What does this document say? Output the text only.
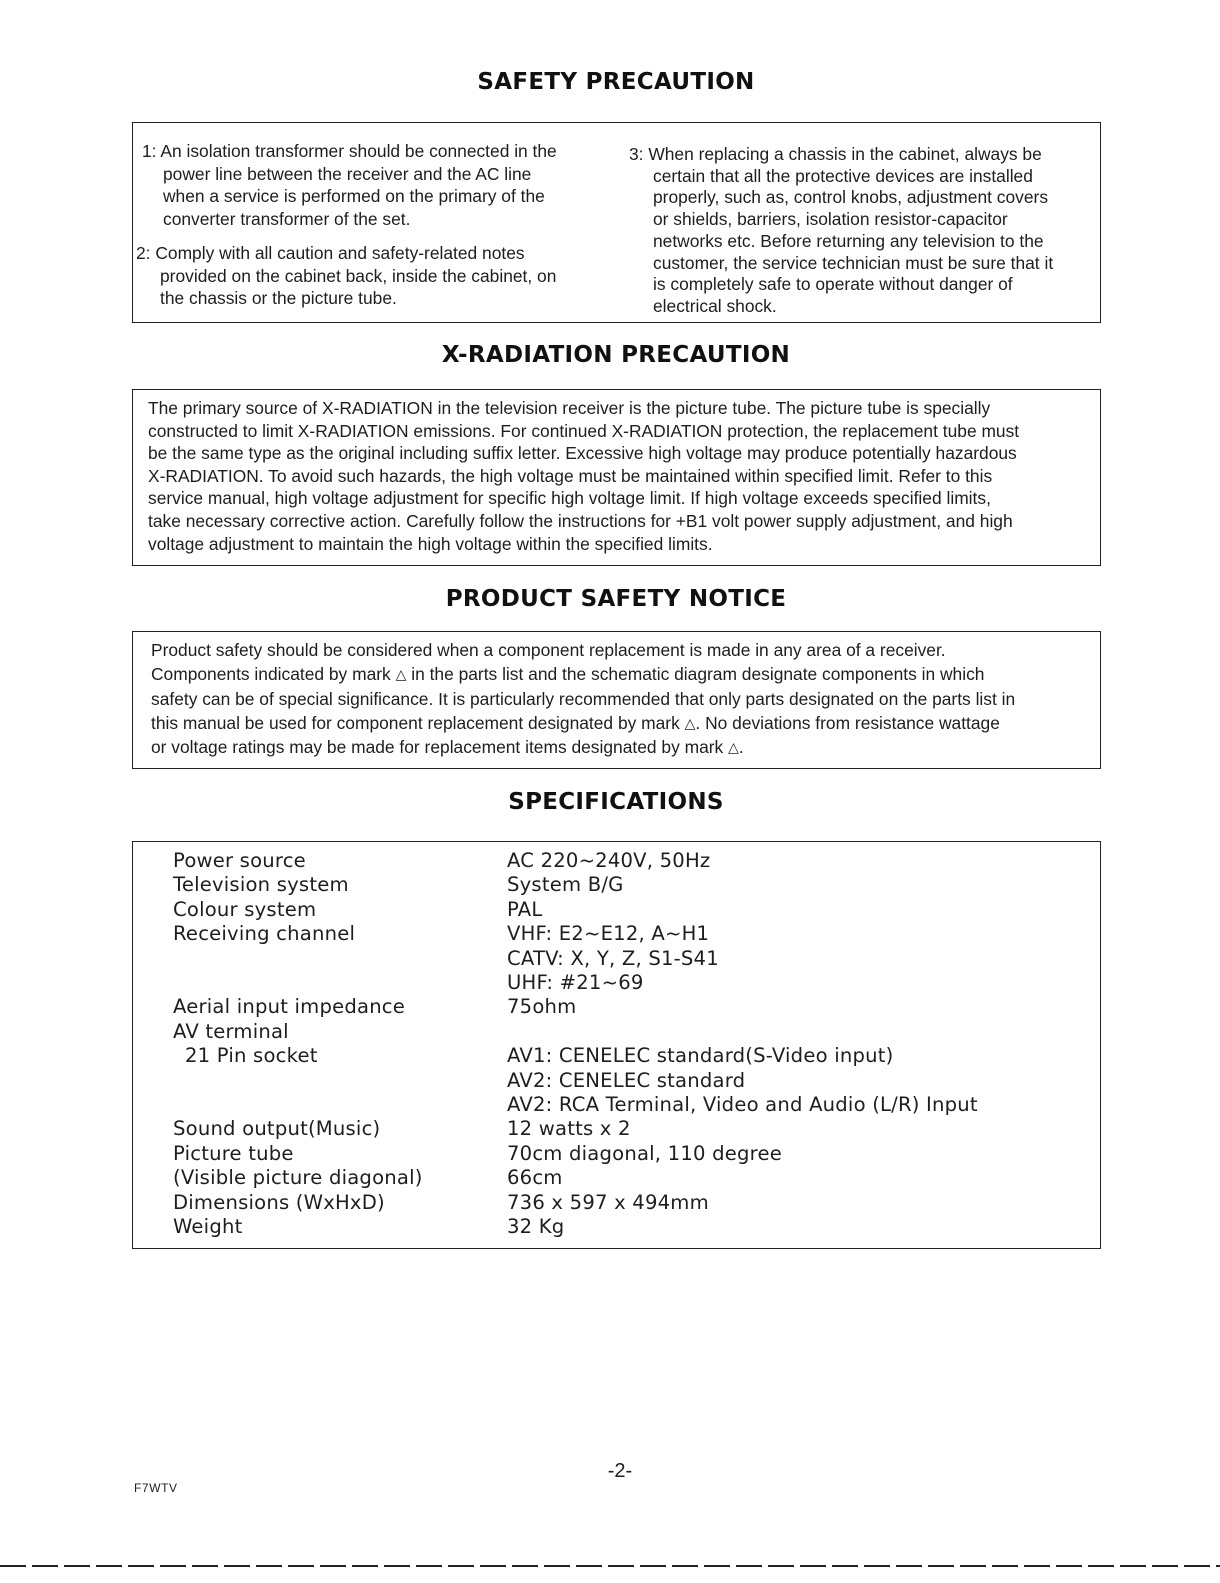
SAFETY PRECAUTION
1: An isolation transformer should be connected in the
power line between the receiver and the AC line
when a service is performed on the primary of the
converter transformer of the set.
2: Comply with all caution and safety-related notes
provided on the cabinet back, inside the cabinet, on
the chassis or the picture tube.
3: When replacing a chassis in the cabinet, always be
certain that all the protective devices are installed
properly, such as, control knobs, adjustment covers
or shields, barriers, isolation resistor-capacitor
networks etc. Before returning any television to the
customer, the service technician must be sure that it
is completely safe to operate without danger of
electrical shock.
X-RADIATION PRECAUTION
The primary source of X-RADIATION in the television receiver is the picture tube. The picture tube is specially
constructed to limit X-RADIATION emissions. For continued X-RADIATION protection, the replacement tube must
be the same type as the original including suffix letter. Excessive high voltage may produce potentially hazardous
X-RADIATION. To avoid such hazards, the high voltage must be maintained within specified limit. Refer to this
service manual, high voltage adjustment for specific high voltage limit. If high voltage exceeds specified limits,
take necessary corrective action. Carefully follow the instructions for +B1 volt power supply adjustment, and high
voltage adjustment to maintain the high voltage within the specified limits.
PRODUCT SAFETY NOTICE
Product safety should be considered when a component replacement is made in any area of a receiver.
Components indicated by mark △ in the parts list and the schematic diagram designate components in which
safety can be of special significance. It is particularly recommended that only parts designated on the parts list in
this manual be used for component replacement designated by mark △. No deviations from resistance wattage
or voltage ratings may be made for replacement items designated by mark △.
SPECIFICATIONS
Power source	AC 220~240V, 50Hz
Television system	System B/G
Colour system	PAL
Receiving channel	VHF: E2~E12, A~H1
CATV: X, Y, Z, S1-S41
UHF: #21~69
Aerial input impedance	75ohm
AV terminal
21 Pin socket	AV1: CENELEC standard(S-Video input)
AV2: CENELEC standard
AV2: RCA Terminal, Video and Audio (L/R) Input
Sound output(Music)	12 watts x 2
Picture tube	70cm diagonal, 110 degree
(Visible picture diagonal)	66cm
Dimensions (WxHxD)	736 x 597 x 494mm
Weight	32 Kg
-2-
F7WTV
